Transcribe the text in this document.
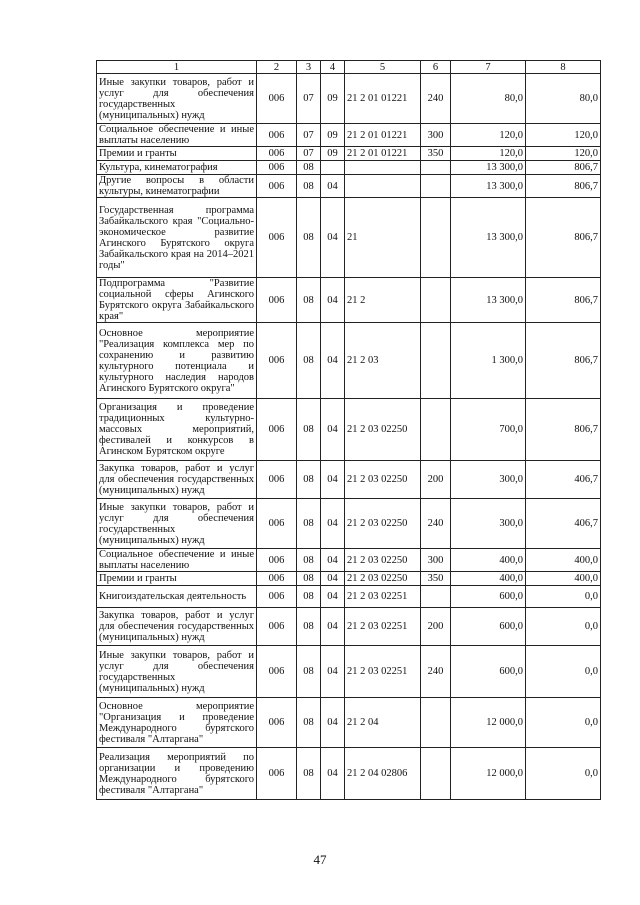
1	2	3	4	5	6	7	8
Иные закупки товаров, работ и услуг для обеспечения государственных (муниципальных) нужд	006	07	09	21 2 01 01221	240	80,0	80,0
Социальное обеспечение и иные выплаты населению	006	07	09	21 2 01 01221	300	120,0	120,0
Премии и гранты	006	07	09	21 2 01 01221	350	120,0	120,0
Культура, кинематография	006	08				13 300,0	806,7
Другие вопросы в области культуры, кинематографии	006	08	04			13 300,0	806,7
Государственная программа Забайкальского края "Социально-экономическое развитие Агинского Бурятского округа Забайкальского края на 2014–2021 годы"	006	08	04	21		13 300,0	806,7
Подпрограмма "Развитие социальной сферы Агинского Бурятского округа Забайкальского края"	006	08	04	21 2		13 300,0	806,7
Основное мероприятие "Реализация комплекса мер по сохранению и развитию культурного потенциала и культурного наследия народов Агинского Бурятского округа"	006	08	04	21 2 03		1 300,0	806,7
Организация и проведение традиционных культурно-массовых мероприятий, фестивалей и конкурсов в Агинском Бурятском округе	006	08	04	21 2 03 02250		700,0	806,7
Закупка товаров, работ и услуг для обеспечения государственных (муниципальных) нужд	006	08	04	21 2 03 02250	200	300,0	406,7
Иные закупки товаров, работ и услуг для обеспечения государственных (муниципальных) нужд	006	08	04	21 2 03 02250	240	300,0	406,7
Социальное обеспечение и иные выплаты населению	006	08	04	21 2 03 02250	300	400,0	400,0
Премии и гранты	006	08	04	21 2 03 02250	350	400,0	400,0
Книгоиздательская деятельность	006	08	04	21 2 03 02251		600,0	0,0
Закупка товаров, работ и услуг для обеспечения государственных (муниципальных) нужд	006	08	04	21 2 03 02251	200	600,0	0,0
Иные закупки товаров, работ и услуг для обеспечения государственных (муниципальных) нужд	006	08	04	21 2 03 02251	240	600,0	0,0
Основное мероприятие "Организация и проведение Международного бурятского фестиваля "Алтаргана"	006	08	04	21 2 04		12 000,0	0,0
Реализация мероприятий по организации и проведению Международного бурятского фестиваля "Алтаргана"	006	08	04	21 2 04 02806		12 000,0	0,0
47
